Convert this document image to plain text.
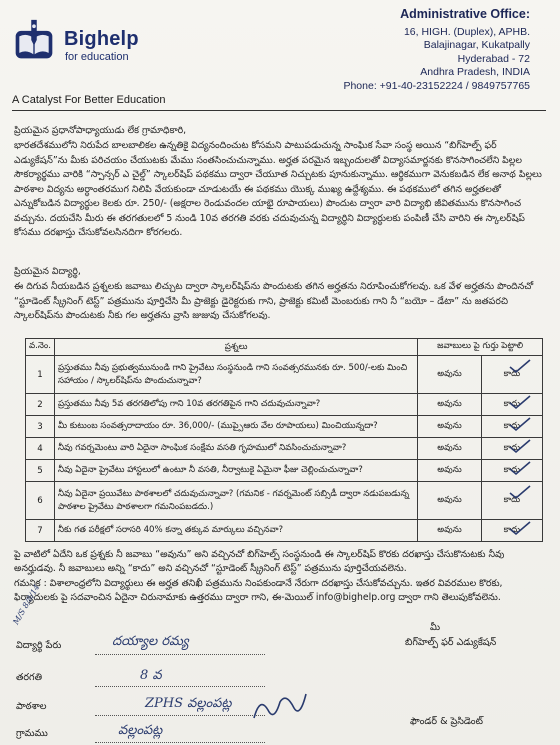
Bighelp
for education
Administrative Office:
16, HIGH. (Duplex), APHB.
Balajinagar, Kukatpally
Hyderabad - 72
Andhra Pradesh, INDIA
Phone: +91-40-23152224 / 9849757765
A Catalyst For Better Education
ప్రియమైన ప్రధానోపాధ్యాయుడు లేక గ్రామాధికారి,
భారతదేశములోని నిరుపేద బాలబాలికల ఉన్నతికై విద్యనందించుట కోసమని పాటుపడుచున్న సాంఘిక సేవా సంస్థ అయిన “బిగ్‌హెల్ప్ ఫర్ ఎడ్యుకేషన్”ను మీకు పరిచయం చేయుటకు మేము సంతసించుచున్నాము. అర్హత పరమైన ఇబ్బందులతో విద్యాసమార్జనకు కొనసాగించలేని పిల్లల సౌకర్యార్థము వారికి “స్పాన్సర్ ఎ చైల్డ్” స్కాలర్‌షిప్ పథకము ద్వారా చేయూత నిచ్చుటకు పూనుకున్నాము. ఆర్థికముగా వెనుకబడిన లేక అనాథ పిల్లలు పాఠశాల విద్యను అర్ధాంతరముగ నిలిపి వేయకుండా చూడుటయే ఈ పథకము యొక్క ముఖ్య ఉద్దేశ్యము. ఈ పథకములో తగిన అర్హతలతో ఎన్నుకోబడిన విద్యార్థుల కెలకు రూ. 250/- (అక్షరాల రెండువందల యాభై రూపాయలు) పొందుట ద్వారా వారి విద్యాభి జీవితమును కొనసాగించ వచ్చును. దయచేసి మీరు ఈ తరగతులలో 5 నుండి 10వ తరగతి వరకు చదువుచున్న విద్యార్ధిని విద్యార్ధులకు పంపిణీ చేసి వారిని ఈ స్కాలర్‌షిప్ కోసము దరఖాస్తు చేసుకోవలసినదిగా కోరగలరు.
ప్రియమైన విద్యార్థి,
ఈ దిగువ నీయబడిన ప్రశ్నలకు జవాబు లిచ్చుట ద్వారా స్కాలర్‌షిప్‌ను పొందుటకు తగిన అర్హతను నిరూపించుకోగలవు. ఒక వేళ అర్హతను పొందినచో “స్టూడెంట్ స్క్రీనింగ్ టెస్ట్” పత్రమును పూర్తిచేసి మీ ప్రాజెక్టు డైరెక్టరుకు గాని, ప్రాజెక్టు కమిటీ మెంబరుకు గాని నీ “బయో – డేటా” ను జతపరచి స్కాలర్‌షిప్‌ను పొందుటకు నీకు గల అర్హతను వ్రాసి జుజువు చేసుకోగలవు.
వ.నెం.	ప్రశ్నలు	జవాబులు పై గుర్తు పెట్టాలి	
1	ప్రస్తుతము నీవు ప్రభుత్వమునుండి గాని ప్రైవేటు సంస్థనుండి గాని సంవత్సరమునకు రూ. 500/-లకు మించి సహాయం / స్కాలర్‌షిప్‌ను పొందుచున్నావా?	అవును	కాదు

2	ప్రస్తుతము నీవు 5వ తరగతిలోపు గాని 10వ తరగతిపైన గాని చదువుచున్నావా?	అవును	కాదు

3	మీ కుటుంబ సంవత్సరాదాయం రూ. 36,000/- (ముప్పైఆరు వేల రూపాయలు) మించియున్నదా?	అవును	కాదు

4	నీవు గవర్నమెంటు వారి ఏదైనా సాంఘిక సంక్షేమ వసతి గృహములో నివసించుచున్నావా?	అవును	కాదు

5	నీవు ఏదైనా ప్రైవేటు హాస్టలులో ఉంటూ నీ వసతి, నీర్వాటుకై ఏమైనా ఫీజు చెల్లించుచున్నావా?	అవును	కాదు

6	నీవు ఏదైనా ప్రయివేటు పాఠశాలలో చదువుచున్నావా? (గమనిక - గవర్నమెంట్ సబ్సిడీ ద్వారా నడుపబడున్న పాఠశాల ప్రైవేటు పాఠశాలగా గమనింపబడదు.)	అవును	కాదు

7	నీకు గత పరీక్షలో సరాసరి 40% కన్నా తక్కువ మార్కులు వచ్చినవా?	అవును	కాదు
పై వాటిలో ఏదేని ఒక ప్రశ్నకు నీ జవాబు “అవును” అని వచ్చినచో బిగ్‌హెల్ప్ సంస్థనుండి ఈ స్కాలర్‌షిప్ కొరకు దరఖాస్తు చేసుకొనుటకు నీవు అనర్హుడవు. నీ జవాబులు అన్ని “కాదు” అని వచ్చినచో “స్టూడెంట్ స్క్రీనింగ్ టెస్ట్” పత్రమును పూర్తిచేయవలెను.
గమనిక : విశాలాంధ్రలోని విద్యార్థులు ఈ అర్హత తనిఖీ పత్రమును నింపకుండానే నేరుగా దరఖాస్తు చేసుకోవచ్చును. ఇతర వివరముల కొరకు, ఫిర్యాదులకు పై సదవాంచిన ఏదైనా చిరునామాకు ఉత్తరము ద్వారా గాని, ఈ-మెయిల్ info@bighelp.org ద్వారా గాని తెలుపుకోవలెను.
M/S 8/8/14
మీ
బిగ్‌హెల్ప్ ఫర్ ఎడ్యుకేషన్
విద్యార్థి పేరు	దయ్యాల రమ్య
తరగతి	8 వ
పాఠశాల	ZPHS వల్లంపట్ల
గ్రామము	వల్లంపట్ల
ఫౌండర్ & ప్రెసిడెంట్
